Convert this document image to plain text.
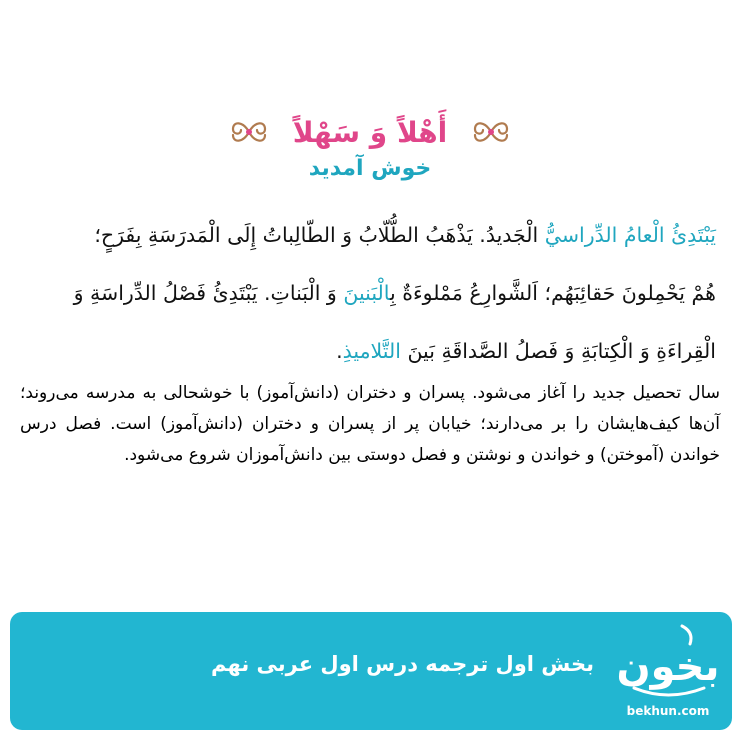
أَهْلاً وَ سَهْلاً
خوش آمدید
يَبْتَدِئُ الْعامُ الدِّراسيُّ الْجَديدُ. يَذْهَبُ الطُّلّابُ وَ الطّالِباتُ إِلَى الْمَدرَسَةِ بِفَرَحٍ؛
هُمْ يَحْمِلونَ حَقائِبَهُم؛ اَلشَّوارِعُ مَمْلوءَةٌ بِالْبَنينَ وَ الْبَناتِ. يَبْتَدِئُ فَصْلُ الدِّراسَةِ وَ
الْقِراءَةِ وَ الْكِتابَةِ وَ فَصلُ الصَّداقَةِ بَينَ التَّلاميذِ.
سال تحصیل جدید را آغاز می‌شود. پسران و دختران (دانش‌آموز) با خوشحالی به مدرسه می‌روند؛ آن‌ها کیف‌هایشان را بر می‌دارند؛ خیابان پر از پسران و دختران (دانش‌آموز) است. فصل درس خواندن (آموختن) و خواندن و نوشتن و فصل دوستی بین دانش‌آموزان شروع می‌شود.
بخش اول ترجمه درس اول عربی نهم بخون
bekhun.com
